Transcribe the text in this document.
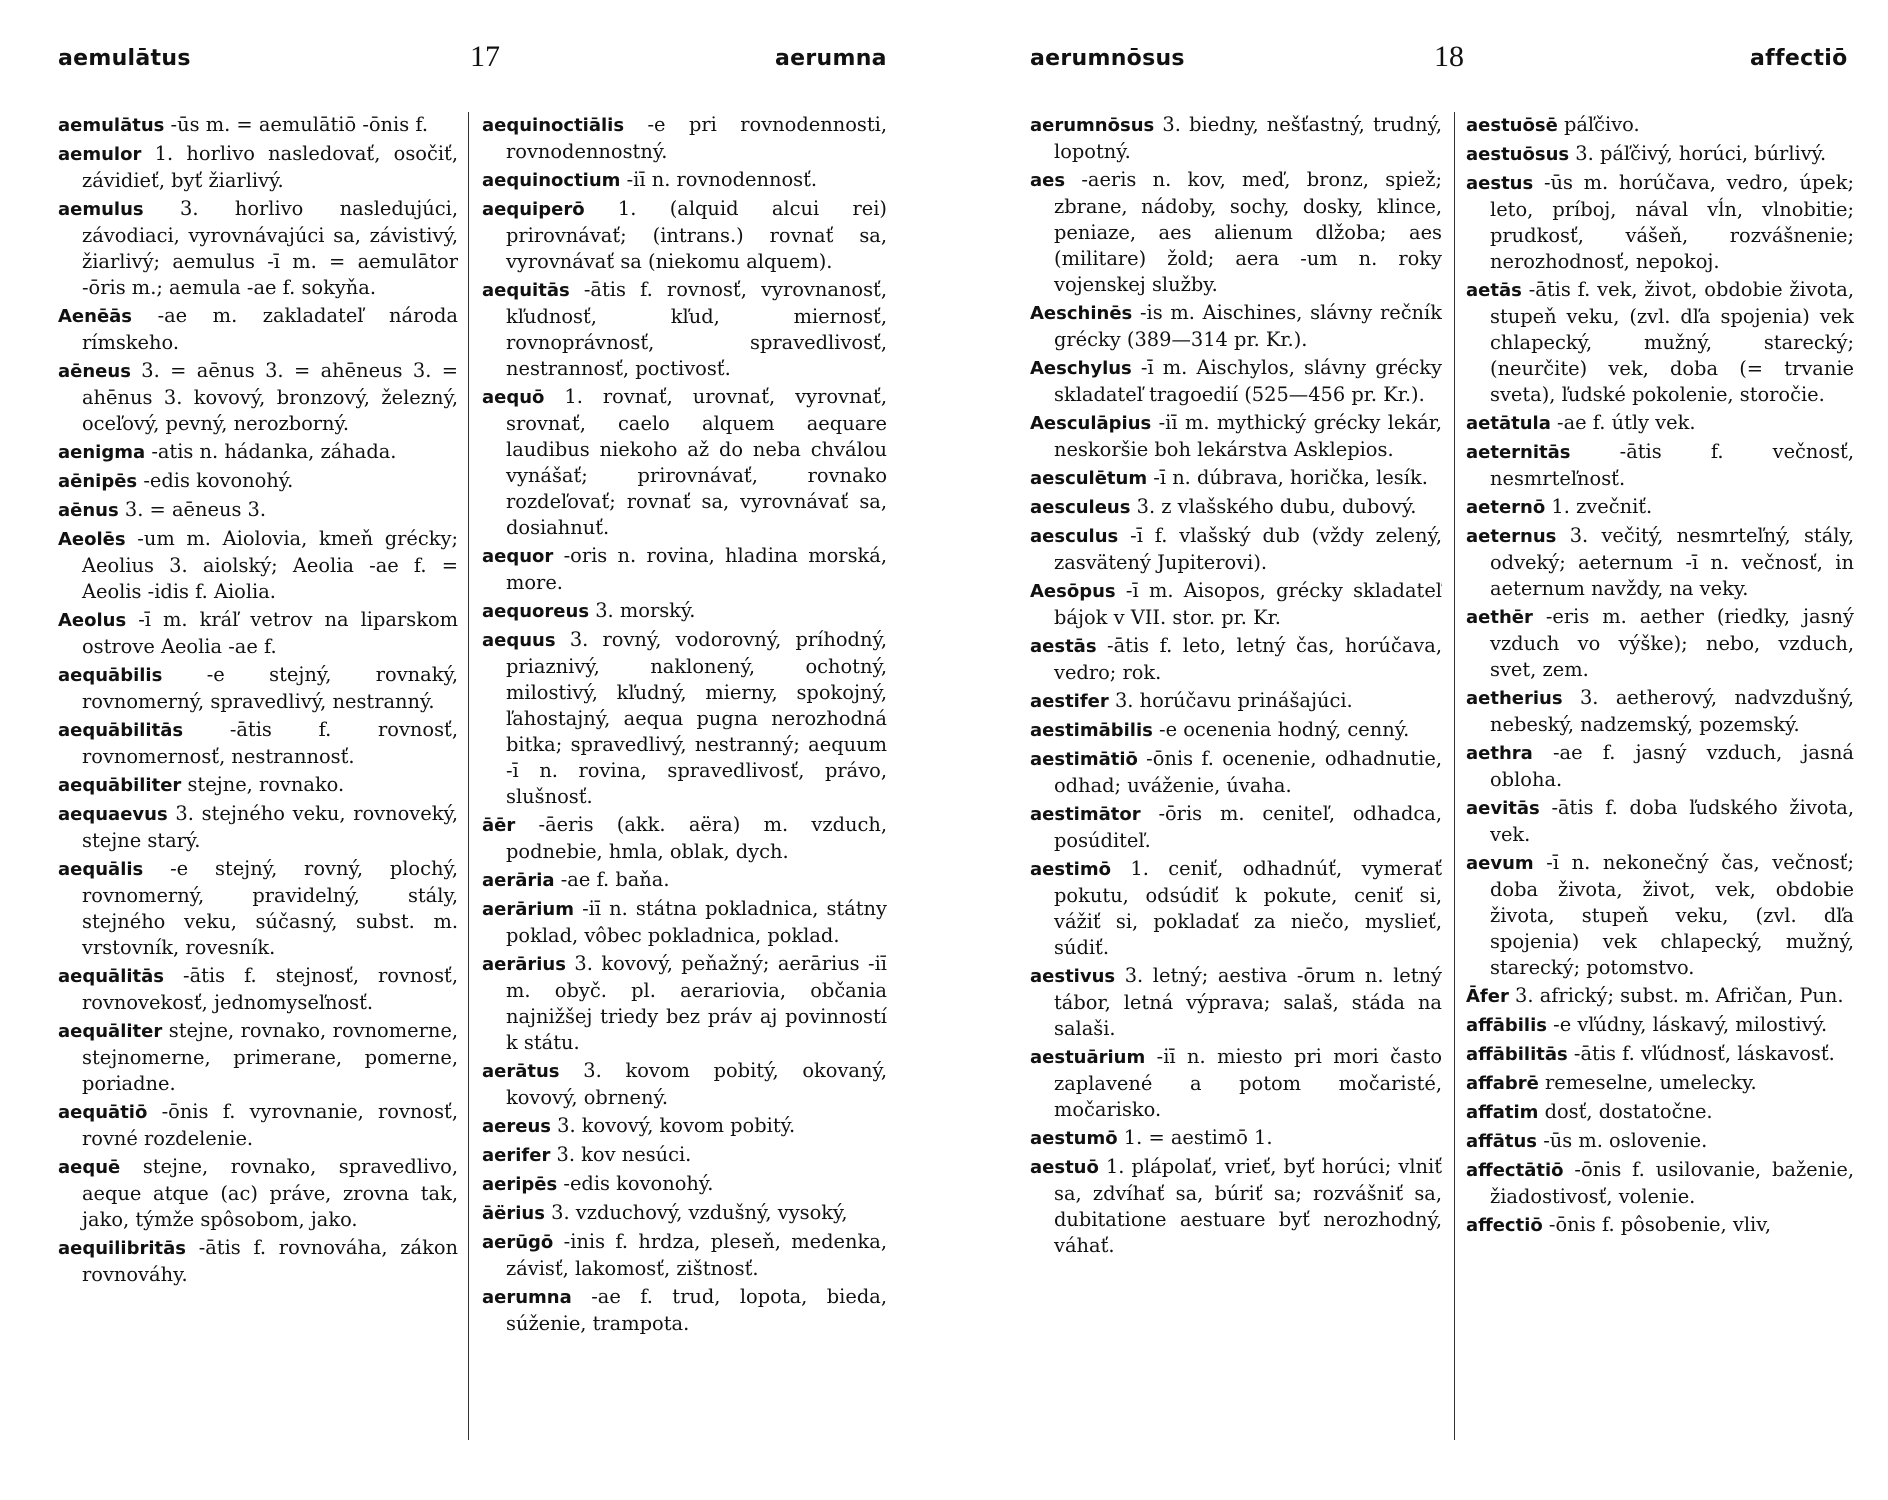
aemulātus	17	aerumna
aemulātus -ūs m. = aemulātiō -ōnis f.
aemulor 1. horlivo nasledovať, osočiť, závidieť, byť žiarlivý.
aemulus 3. horlivo nasledujúci, závodiaci, vyrovnávajúci sa, závistivý, žiarlivý; aemulus -ī m. = aemulātor -ōris m.; aemula -ae f. sokyňa.
Aenēās -ae m. zakladateľ národa rímskeho.
aēneus 3. = aēnus 3. = ahēneus 3. = ahēnus 3. kovový, bronzový, železný, oceľový, pevný, nerozborný.
aenigma -atis n. hádanka, záhada.
aēnipēs -edis kovonohý.
aēnus 3. = aēneus 3.
Aeolēs -um m. Aiolovia, kmeň grécky; Aeolius 3. aiolský; Aeolia -ae f. = Aeolis -idis f. Aiolia.
Aeolus -ī m. kráľ vetrov na liparskom ostrove Aeolia -ae f.
aequābilis -e stejný, rovnaký, rovnomerný, spravedlivý, nestranný.
aequābilitās -ātis f. rovnosť, rovnomernosť, nestrannosť.
aequābiliter stejne, rovnako.
aequaevus 3. stejného veku, rovnoveký, stejne starý.
aequālis -e stejný, rovný, plochý, rovnomerný, pravidelný, stály, stejného veku, súčasný, subst. m. vrstovník, rovesník.
aequālitās -ātis f. stejnosť, rovnosť, rovnovekosť, jednomyseľnosť.
aequāliter stejne, rovnako, rovnomerne, stejnomerne, primerane, pomerne, poriadne.
aequātiō -ōnis f. vyrovnanie, rovnosť, rovné rozdelenie.
aequē stejne, rovnako, spravedlivo, aeque atque (ac) práve, zrovna tak, jako, týmže spôsobom, jako.
aequilibritās -ātis f. rovnováha, zákon rovnováhy.
aequinoctiālis -e pri rovnodennosti, rovnodennostný.
aequinoctium -iī n. rovnodennosť.
aequiperō 1. (alquid alcui rei) prirovnávať; (intrans.) rovnať sa, vyrovnávať sa (niekomu alquem).
aequitās -ātis f. rovnosť, vyrovnanosť, kľudnosť, kľud, miernosť, rovnoprávnosť, spravedlivosť, nestrannosť, poctivosť.
aequō 1. rovnať, urovnať, vyrovnať, srovnať, caelo alquem aequare laudibus niekoho až do neba chválou vynášať; prirovnávať, rovnako rozdeľovať; rovnať sa, vyrovnávať sa, dosiahnuť.
aequor -oris n. rovina, hladina morská, more.
aequoreus 3. morský.
aequus 3. rovný, vodorovný, príhodný, priaznivý, naklonený, ochotný, milostivý, kľudný, mierny, spokojný, ľahostajný, aequa pugna nerozhodná bitka; spravedlivý, nestranný; aequum -ī n. rovina, spravedlivosť, právo, slušnosť.
āēr -āeris (akk. aëra) m. vzduch, podnebie, hmla, oblak, dych.
aerāria -ae f. baňa.
aerārium -iī n. státna pokladnica, státny poklad, vôbec pokladnica, poklad.
aerārius 3. kovový, peňažný; aerārius -iī m. obyč. pl. aerariovia, občania najnižšej triedy bez práv aj povinností k státu.
aerātus 3. kovom pobitý, okovaný, kovový, obrnený.
aereus 3. kovový, kovom pobitý.
aerifer 3. kov nesúci.
aeripēs -edis kovonohý.
āërius 3. vzduchový, vzdušný, vysoký,
aerūgō -inis f. hrdza, pleseň, medenka, závisť, lakomosť, zištnosť.
aerumna -ae f. trud, lopota, bieda, súženie, trampota.
aerumnōsus	18	affectiō
aerumnōsus 3. biedny, nešťastný, trudný, lopotný.
aes -aeris n. kov, meď, bronz, spiež; zbrane, nádoby, sochy, dosky, klince, peniaze, aes alienum dlžoba; aes (militare) žold; aera -um n. roky vojenskej služby.
Aeschinēs -is m. Aischines, slávny rečník grécky (389—314 pr. Kr.).
Aeschylus -ī m. Aischylos, slávny grécky skladateľ tragoedií (525—456 pr. Kr.).
Aesculāpius -iī m. mythický grécky lekár, neskoršie boh lekárstva Asklepios.
aesculētum -ī n. dúbrava, horička, lesík.
aesculeus 3. z vlašského dubu, dubový.
aesculus -ī f. vlašský dub (vždy zelený, zasvätený Jupiterovi).
Aesōpus -ī m. Aisopos, grécky skladateľ bájok v VII. stor. pr. Kr.
aestās -ātis f. leto, letný čas, horúčava, vedro; rok.
aestifer 3. horúčavu prinášajúci.
aestimābilis -e ocenenia hodný, cenný.
aestimātiō -ōnis f. ocenenie, odhadnutie, odhad; uváženie, úvaha.
aestimātor -ōris m. ceniteľ, odhadca, posúditeľ.
aestimō 1. ceniť, odhadnúť, vymerať pokutu, odsúdiť k pokute, ceniť si, vážiť si, pokladať za niečo, myslieť, súdiť.
aestivus 3. letný; aestiva -ōrum n. letný tábor, letná výprava; salaš, stáda na salaši.
aestuārium -iī n. miesto pri mori často zaplavené a potom močaristé, močarisko.
aestumō 1. = aestimō 1.
aestuō 1. plápolať, vrieť, byť horúci; vlniť sa, zdvíhať sa, búriť sa; rozvášniť sa, dubitatione aestuare byť nerozhodný, váhať.
aestuōsē páľčivo.
aestuōsus 3. páľčivý, horúci, búrlivý.
aestus -ūs m. horúčava, vedro, úpek; leto, príboj, nával vĺn, vlnobitie; prudkosť, vášeň, rozvášnenie; nerozhodnosť, nepokoj.
aetās -ātis f. vek, život, obdobie života, stupeň veku, (zvl. dľa spojenia) vek chlapecký, mužný, starecký; (neurčite) vek, doba (= trvanie sveta), ľudské pokolenie, storočie.
aetātula -ae f. útly vek.
aeternitās	-ātis f. večnosť, nesmrteľnosť.
aeternō 1. zvečniť.
aeternus 3. večitý, nesmrteľný, stály, odveký; aeternum -ī n. večnosť, in aeternum navždy, na veky.
aethēr -eris m. aether (riedky, jasný vzduch vo výške); nebo, vzduch, svet, zem.
aetherius 3. aetherový, nadvzdušný, nebeský, nadzemský, pozemský.
aethra -ae f. jasný vzduch, jasná obloha.
aevitās -ātis f. doba ľudského života, vek.
aevum -ī n. nekonečný čas, večnosť; doba života, život, vek, obdobie života, stupeň veku, (zvl. dľa spojenia) vek chlapecký, mužný, starecký; potomstvo.
Āfer 3. africký; subst. m. Afričan, Pun.
affābilis -e vľúdny, láskavý, milostivý.
affābilitās -ātis f. vľúdnosť, láskavosť.
affabrē remeselne, umelecky.
affatim dosť, dostatočne.
affātus -ūs m. oslovenie.
affectātiō -ōnis f. usilovanie, baženie, žiadostivosť, volenie.
affectiō -ōnis f. pôsobenie, vliv,
